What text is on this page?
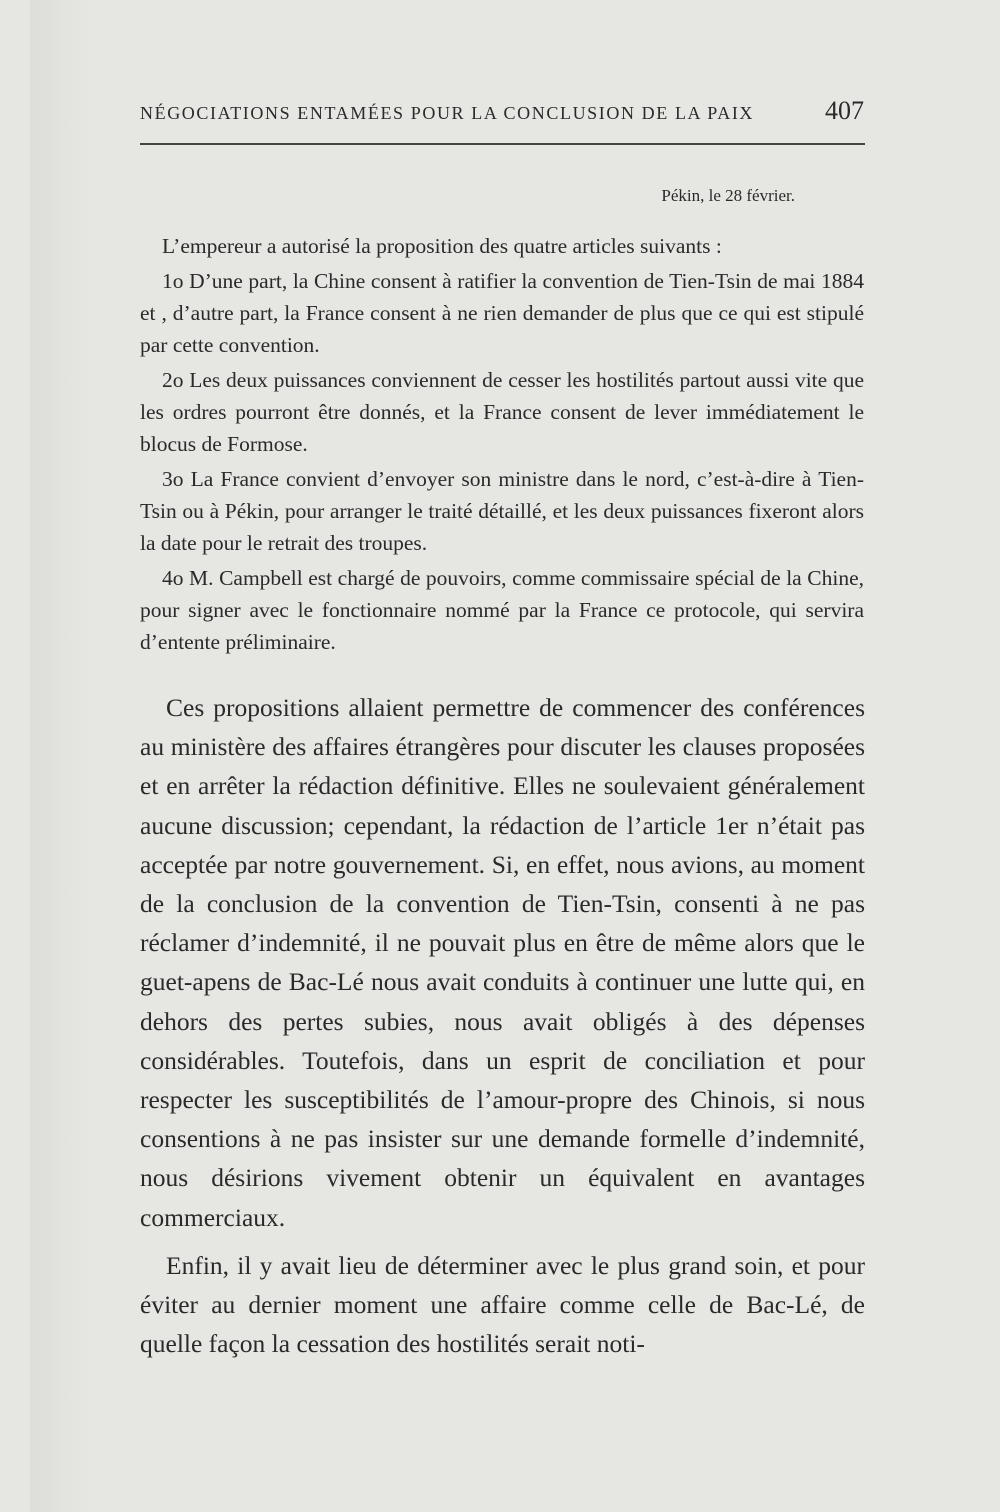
NÉGOCIATIONS ENTAMÉES POUR LA CONCLUSION DE LA PAIX	407
Pékin, le 28 février.

L’empereur a autorisé la proposition des quatre articles suivants :

1o D’une part, la Chine consent à ratifier la convention de Tien-Tsin de mai 1884 et , d’autre part, la France consent à ne rien demander de plus que ce qui est stipulé par cette convention.

2o Les deux puissances conviennent de cesser les hostilités partout aussi vite que les ordres pourront être donnés, et la France consent de lever immédiatement le blocus de Formose.

3o La France convient d’envoyer son ministre dans le nord, c’est-à-dire à Tien-Tsin ou à Pékin, pour arranger le traité détaillé, et les deux puissances fixeront alors la date pour le retrait des troupes.

4o M. Campbell est chargé de pouvoirs, comme commissaire spécial de la Chine, pour signer avec le fonctionnaire nommé par la France ce protocole, qui servira d’entente préliminaire.

Ces propositions allaient permettre de commencer des conférences au ministère des affaires étrangères pour discuter les clauses proposées et en arrêter la rédaction définitive. Elles ne soulevaient généralement aucune discussion; cependant, la rédaction de l’article 1er n’était pas acceptée par notre gouvernement. Si, en effet, nous avions, au moment de la conclusion de la convention de Tien-Tsin, consenti à ne pas réclamer d’indemnité, il ne pouvait plus en être de même alors que le guet-apens de Bac-Lé nous avait conduits à continuer une lutte qui, en dehors des pertes subies, nous avait obligés à des dépenses considérables. Toutefois, dans un esprit de conciliation et pour respecter les susceptibilités de l’amour-propre des Chinois, si nous consentions à ne pas insister sur une demande formelle d’indemnité, nous désirions vivement obtenir un équivalent en avantages commerciaux.

Enfin, il y avait lieu de déterminer avec le plus grand soin, et pour éviter au dernier moment une affaire comme celle de Bac-Lé, de quelle façon la cessation des hostilités serait noti-
